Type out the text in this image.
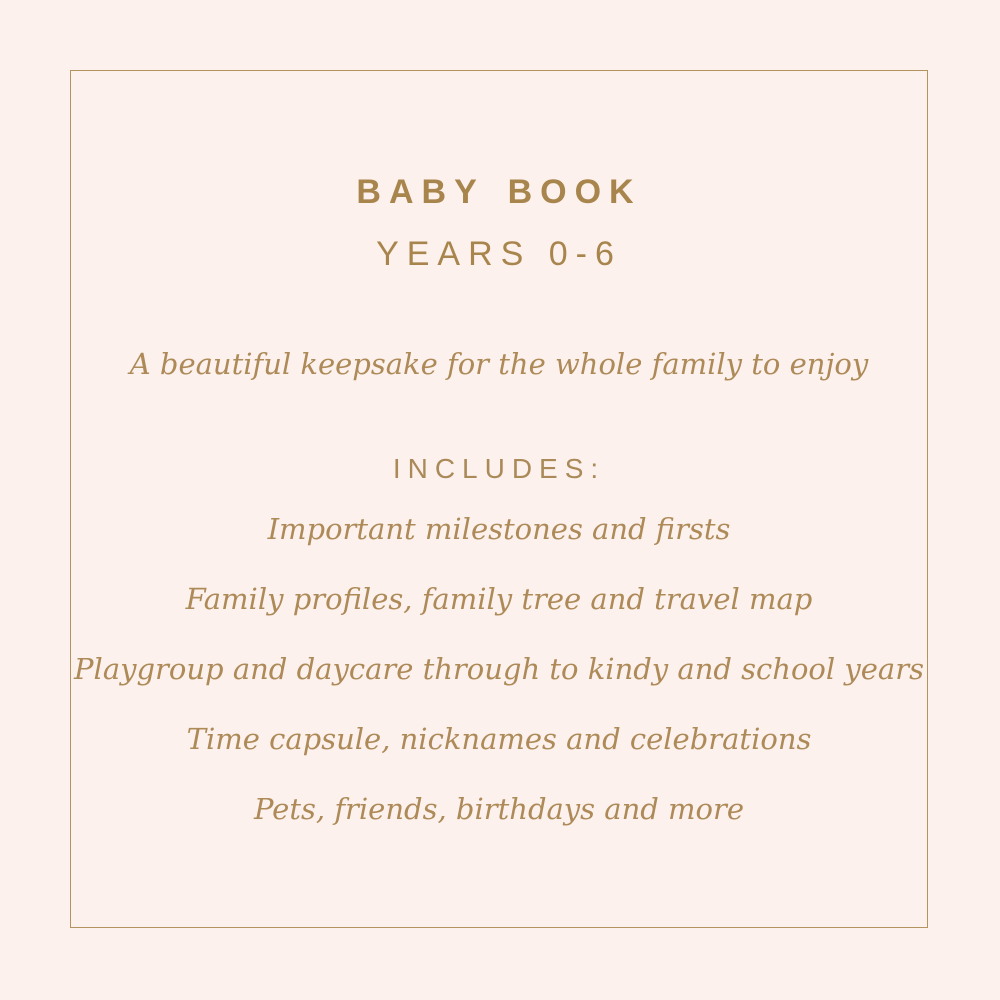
BABY BOOK
YEARS 0-6
A beautiful keepsake for the whole family to enjoy
INCLUDES:
Important milestones and firsts
Family profiles, family tree and travel map
Playgroup and daycare through to kindy and school years
Time capsule, nicknames and celebrations
Pets, friends, birthdays and more
